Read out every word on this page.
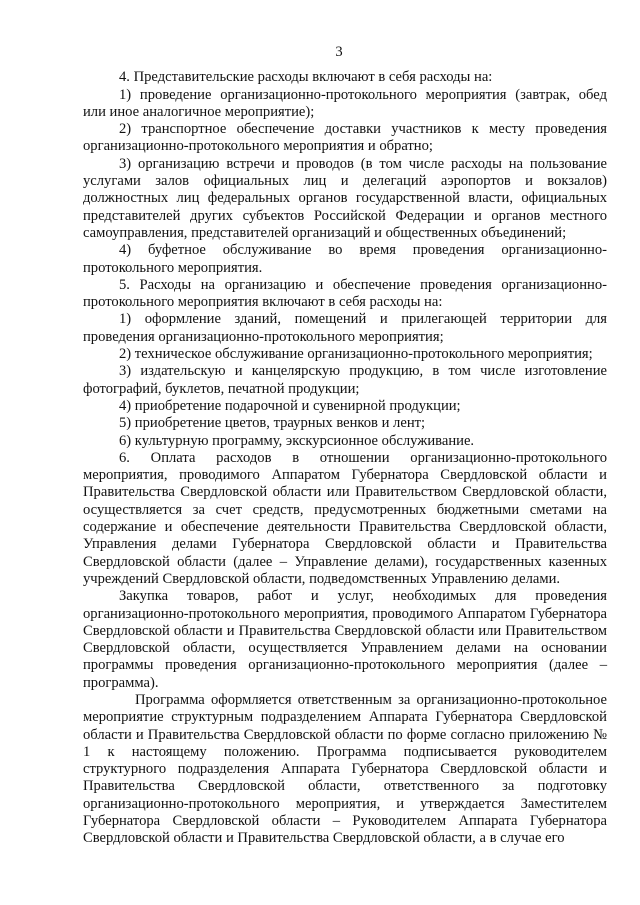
3

4. Представительские расходы включают в себя расходы на:

1) проведение организационно-протокольного мероприятия (завтрак, обед или иное аналогичное мероприятие);

2) транспортное обеспечение доставки участников к месту проведения организационно-протокольного мероприятия и обратно;

3) организацию встречи и проводов (в том числе расходы на пользование услугами залов официальных лиц и делегаций аэропортов и вокзалов) должностных лиц федеральных органов государственной власти, официальных представителей других субъектов Российской Федерации и органов местного самоуправления, представителей организаций и общественных объединений;

4) буфетное обслуживание во время проведения организационно-протокольного мероприятия.

5. Расходы на организацию и обеспечение проведения организационно-протокольного мероприятия включают в себя расходы на:

1) оформление зданий, помещений и прилегающей территории для проведения организационно-протокольного мероприятия;

2) техническое обслуживание организационно-протокольного мероприятия;

3) издательскую и канцелярскую продукцию, в том числе изготовление фотографий, буклетов, печатной продукции;

4) приобретение подарочной и сувенирной продукции;

5) приобретение цветов, траурных венков и лент;

6) культурную программу, экскурсионное обслуживание.

6. Оплата расходов в отношении организационно-протокольного мероприятия, проводимого Аппаратом Губернатора Свердловской области и Правительства Свердловской области или Правительством Свердловской области, осуществляется за счет средств, предусмотренных бюджетными сметами на содержание и обеспечение деятельности Правительства Свердловской области, Управления делами Губернатора Свердловской области и Правительства Свердловской области (далее – Управление делами), государственных казенных учреждений Свердловской области, подведомственных Управлению делами.

Закупка товаров, работ и услуг, необходимых для проведения организационно-протокольного мероприятия, проводимого Аппаратом Губернатора Свердловской области и Правительства Свердловской области или Правительством Свердловской области, осуществляется Управлением делами на основании программы проведения организационно-протокольного мероприятия (далее – программа).

Программа оформляется ответственным за организационно-протокольное мероприятие структурным подразделением Аппарата Губернатора Свердловской области и Правительства Свердловской области по форме согласно приложению № 1 к настоящему положению. Программа подписывается руководителем структурного подразделения Аппарата Губернатора Свердловской области и Правительства Свердловской области, ответственного за подготовку организационно-протокольного мероприятия, и утверждается Заместителем Губернатора Свердловской области – Руководителем Аппарата Губернатора Свердловской области и Правительства Свердловской области, а в случае его
